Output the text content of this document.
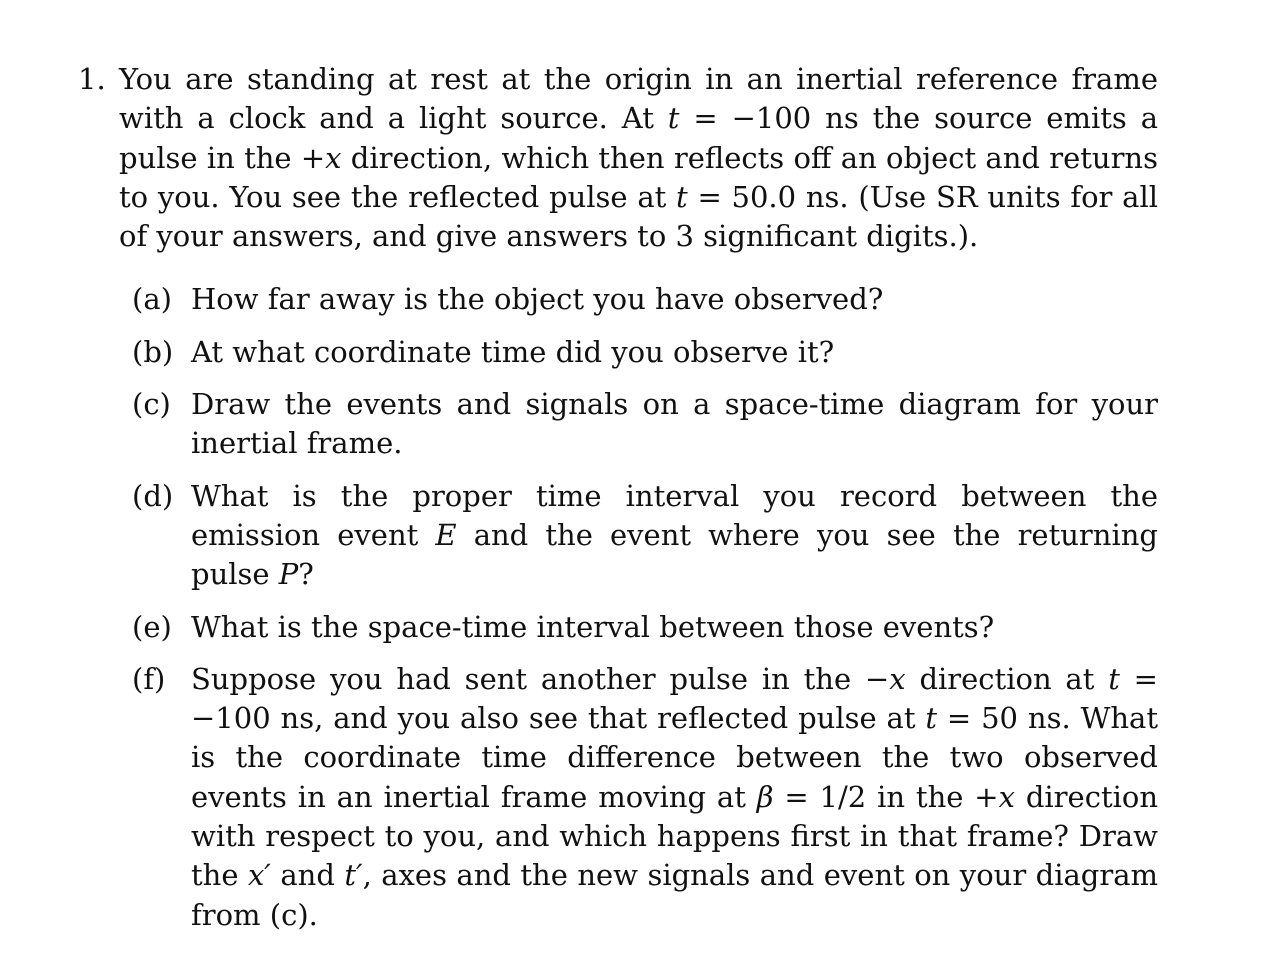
1. You are standing at rest at the origin in an inertial reference frame with a clock and a light source. At t = −100 ns the source emits a pulse in the +x direction, which then reflects off an object and returns to you. You see the reflected pulse at t = 50.0 ns. (Use SR units for all of your answers, and give answers to 3 significant digits.).
(a) How far away is the object you have observed?
(b) At what coordinate time did you observe it?
(c) Draw the events and signals on a space-time diagram for your inertial frame.
(d) What is the proper time interval you record between the emission event E and the event where you see the returning pulse P?
(e) What is the space-time interval between those events?
(f) Suppose you had sent another pulse in the −x direction at t = −100 ns, and you also see that reflected pulse at t = 50 ns. What is the coordinate time difference between the two observed events in an inertial frame moving at β = 1/2 in the +x direction with respect to you, and which happens first in that frame? Draw the x′ and t′, axes and the new signals and event on your diagram from (c).
